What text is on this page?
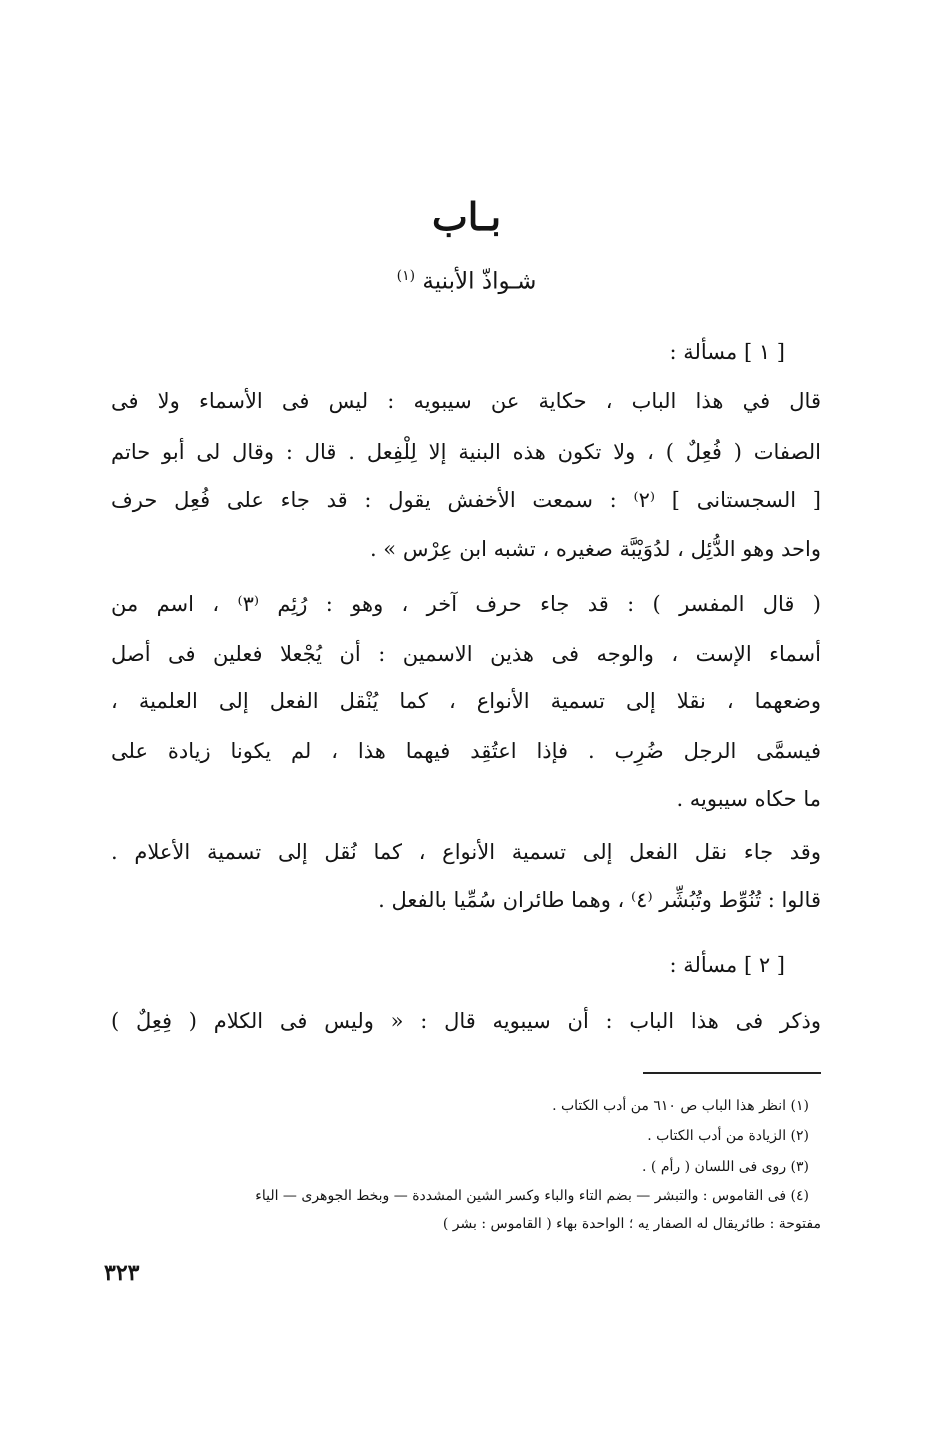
بـاب
شـواذّ الأبنية $^{(١)}$
[ ١ ] مسألة :
قال في هذا الباب ، حكاية عن سيبويه : ليس فى الأسماء ولا فى
الصفات ( فُعِلٌ ) ، ولا تكون هذه البنية إلا لِلْفِعل . قال : وقال لى أبو حاتم
[ السجستانى ] ⁽٢⁾ : سمعت الأخفش يقول : قد جاء على فُعِل حرف
واحد وهو الدُّئِل ، لدُوَيْبَّة صغيره ، تشبه ابن عِرْس » .
( قال المفسر ) : قد جاء حرف آخر ، وهو : رُئِم ⁽٣⁾ ، اسم من
أسماء الإست ، والوجه فى هذين الاسمين : أن يُجْعلا فعلين فى أصل
وضعهما ، نقلا إلى تسمية الأنواع ، كما يُنْقل الفعل إلى العلمية ،
فيسمَّى الرجل ضُرِب . فإذا اعتُقِد فيهما هذا ، لم يكونا زيادة على
ما حكاه سيبويه .
وقد جاء نقل الفعل إلى تسمية الأنواع ، كما نُقل إلى تسمية الأعلام .
قالوا : تُنُوِّط وتُبُشِّر ⁽٤⁾ ، وهما طائران سُمِّيا بالفعل .
[ ٢ ] مسألة :
وذكر فى هذا الباب : أن سيبويه قال : « وليس فى الكلام ( فِعِلٌ )
(١) انظر هذا الباب ص ٦١٠ من أدب الكتاب .
(٢) الزيادة من أدب الكتاب .
(٣) روى فى اللسان ( رأم ) .
(٤) فى القاموس : والتبشر — بضم التاء والباء وكسر الشين المشددة — وبخط الجوهرى — الياء
مفتوحة : طائريقال له الصفار يه ؛ الواحدة بهاء ( القاموس : بشر )
٣٢٣
